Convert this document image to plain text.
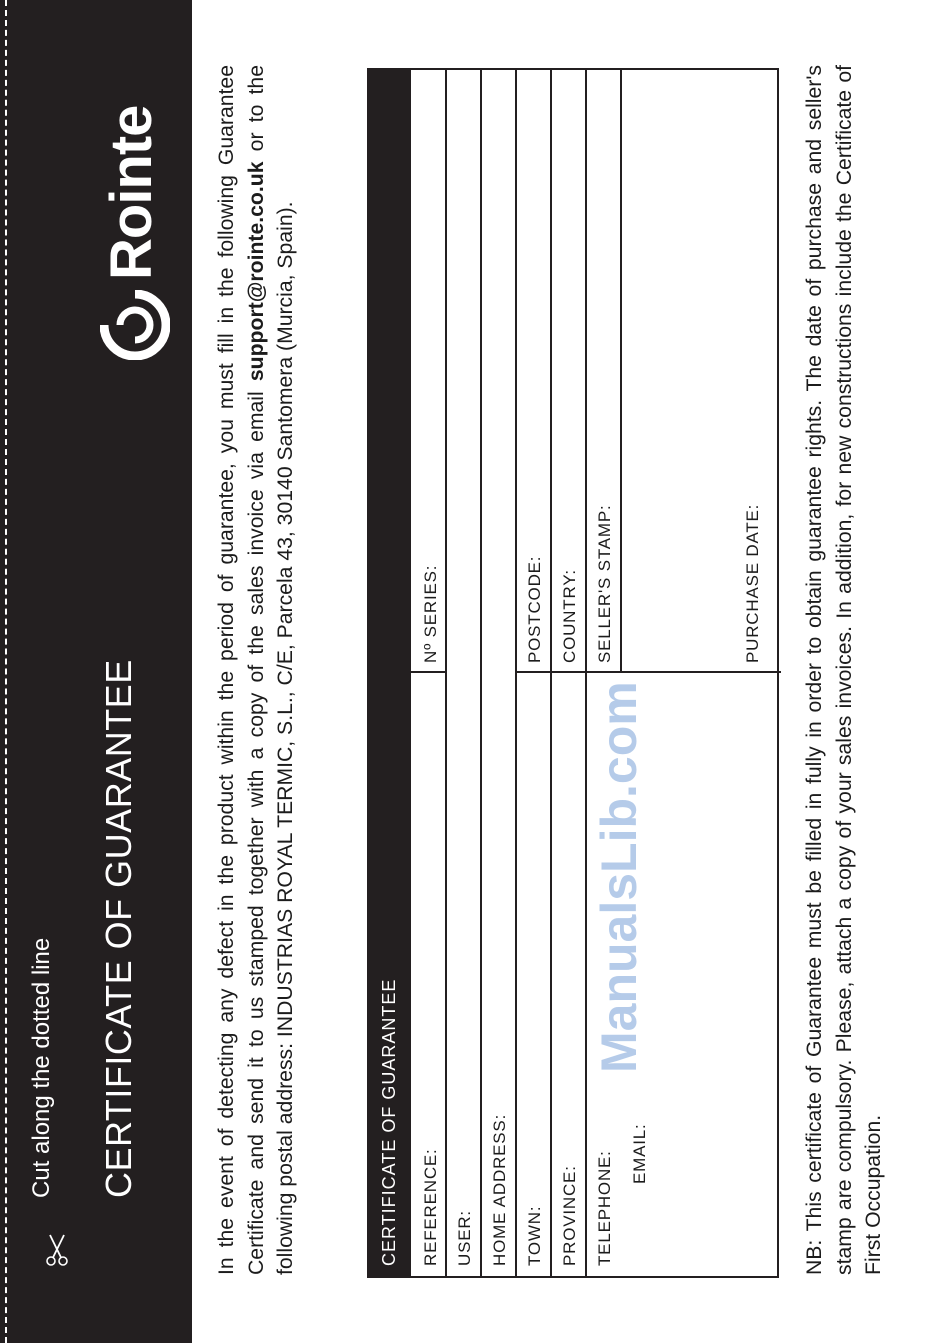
Cut along the dotted line CERTIFICATE OF GUARANTEE
Rointe In the event of detecting any defect in the product within the period of guarantee, you must fill in the following Guarantee Certificate and send it to us stamped together with a copy of the sales invoice via email support@rointe.co.uk or to the following postal address: INDUSTRIAS ROYAL TERMIC, S.L., C/E, Parcela 43, 30140 Santomera (Murcia, Spain).	CERTIFICATE OF GUARANTEE REFERENCE:
Nº SERIES:
USER: HOME ADDRESS: TOWN:
POSTCODE:
PROVINCE:
COUNTRY:
TELEPHONE:
SELLER'S STAMP:
EMAIL:
PURCHASE DATE: NB: This certificate of Guarantee must be filled in fully in order to obtain guarantee rights. The date of purchase and seller's stamp are compulsory. Please, attach a copy of your sales invoices. In addition, for new constructions include the Certificate of First Occupation.
ManualsLib.com
